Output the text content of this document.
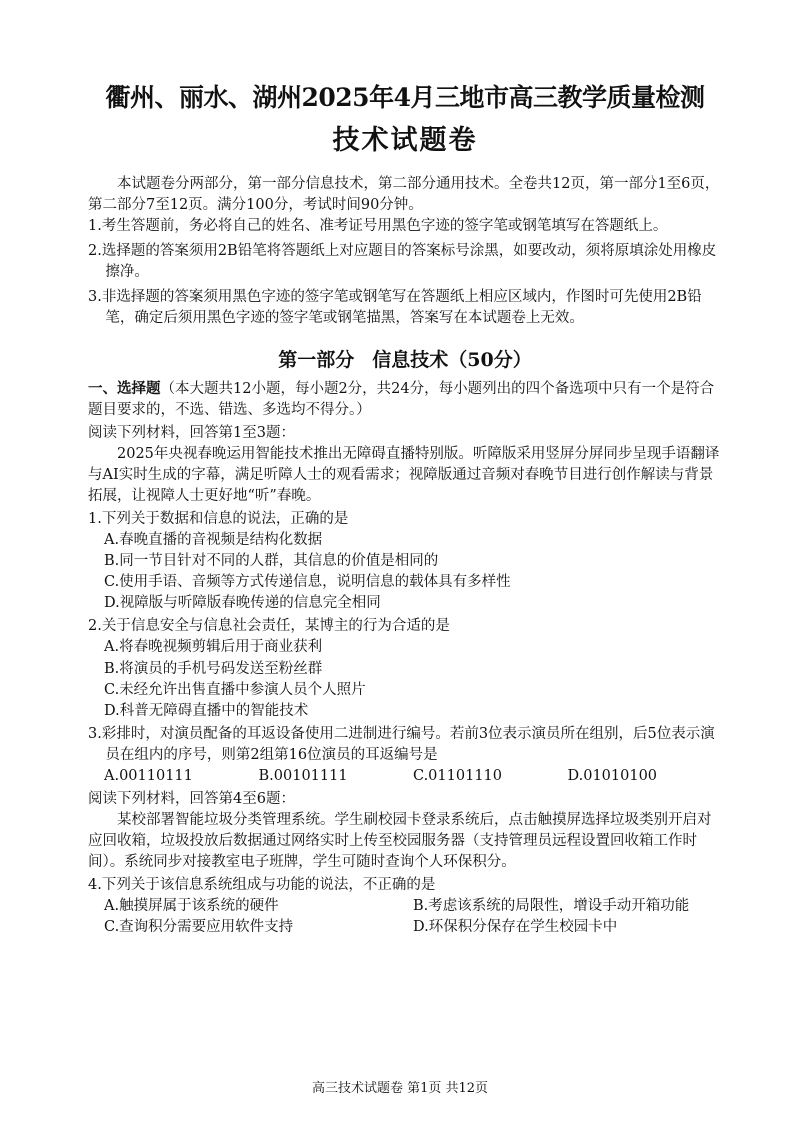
衢州、丽水、湖州2025年4月三地市高三教学质量检测
技术试题卷

本试题卷分两部分，第一部分信息技术，第二部分通用技术。全卷共12页，第一部分1至6页，第二部分7至12页。满分100分，考试时间90分钟。

1.考生答题前，务必将自己的姓名、准考证号用黑色字迹的签字笔或钢笔填写在答题纸上。

2.选择题的答案须用2B铅笔将答题纸上对应题目的答案标号涂黑，如要改动，须将原填涂处用橡皮擦净。

3.非选择题的答案须用黑色字迹的签字笔或钢笔写在答题纸上相应区域内，作图时可先使用2B铅笔，确定后须用黑色字迹的签字笔或钢笔描黑，答案写在本试题卷上无效。

第一部分 信息技术（50分）

一、选择题（本大题共12小题，每小题2分，共24分，每小题列出的四个备选项中只有一个是符合题目要求的，不选、错选、多选均不得分。）

阅读下列材料，回答第1至3题：

2025年央视春晚运用智能技术推出无障碍直播特别版。听障版采用竖屏分屏同步呈现手语翻译与AI实时生成的字幕，满足听障人士的观看需求；视障版通过音频对春晚节目进行创作解读与背景拓展，让视障人士更好地“听”春晚。

1.下列关于数据和信息的说法，正确的是

A.春晚直播的音视频是结构化数据

B.同一节目针对不同的人群，其信息的价值是相同的

C.使用手语、音频等方式传递信息，说明信息的载体具有多样性

D.视障版与听障版春晚传递的信息完全相同

2.关于信息安全与信息社会责任，某博主的行为合适的是

A.将春晚视频剪辑后用于商业获利

B.将演员的手机号码发送至粉丝群

C.未经允许出售直播中参演人员个人照片

D.科普无障碍直播中的智能技术

3.彩排时，对演员配备的耳返设备使用二进制进行编号。若前3位表示演员所在组别，后5位表示演员在组内的序号，则第2组第16位演员的耳返编号是

A.00110111	B.00101111	C.01101110	D.01010100

阅读下列材料，回答第4至6题：

某校部署智能垃圾分类管理系统。学生刷校园卡登录系统后，点击触摸屏选择垃圾类别开启对应回收箱，垃圾投放后数据通过网络实时上传至校园服务器（支持管理员远程设置回收箱工作时间）。系统同步对接教室电子班牌，学生可随时查询个人环保积分。

4.下列关于该信息系统组成与功能的说法，不正确的是

A.触摸屏属于该系统的硬件	B.考虑该系统的局限性，增设手动开箱功能
C.查询积分需要应用软件支持	D.环保积分保存在学生校园卡中
高三技术试题卷 第1页 共12页
